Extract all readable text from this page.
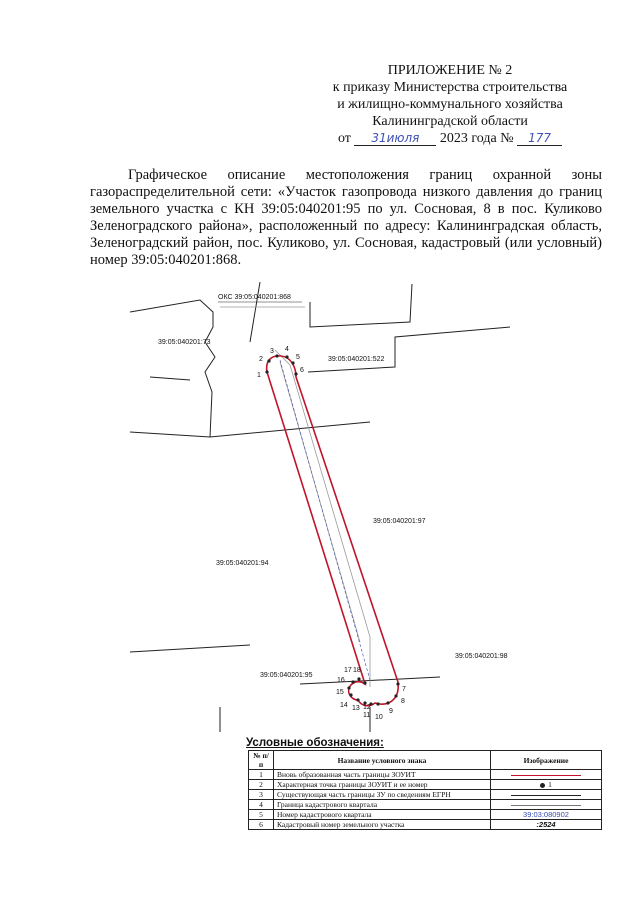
ПРИЛОЖЕНИЕ № 2
к приказу Министерства строительства
и жилищно-коммунального хозяйства
Калининградской области
от 31июля 2023 года № 177

Графическое описание местоположения границ охранной зоны газораспределительной сети: «Участок газопровода низкого давления до границ земельного участка с КН 39:05:040201:95 по ул. Сосновая, 8 в пос. Куликово Зеленоградского района», расположенный по адресу: Калининградская область, Зеленоградский район, пос. Куликово, ул. Сосновая, кадастровый (или условный) номер 39:05:040201:868.

1
2
3 4
5
6
7
8
9
10
11
12
13
14
15
16
17 18
ОКС 39:05:040201:868
39:05:040201:73
39:05:040201:522
39:05:040201:97
39:05:040201:94
39:05:040201:98
39:05:040201:95
Условные обозначения:
№ п/п	Название условного знака	Изображение
1	Вновь образованная часть границы ЗОУИТ	
2	Характерная точка границы ЗОУИТ и ее номер	1
3	Существующая часть границы ЗУ по сведениям ЕГРН	
4	Граница кадастрового квартала	
5	Номер кадастрового квартала	39:03:080902
6	Кадастровый номер земельного участка	:2524
